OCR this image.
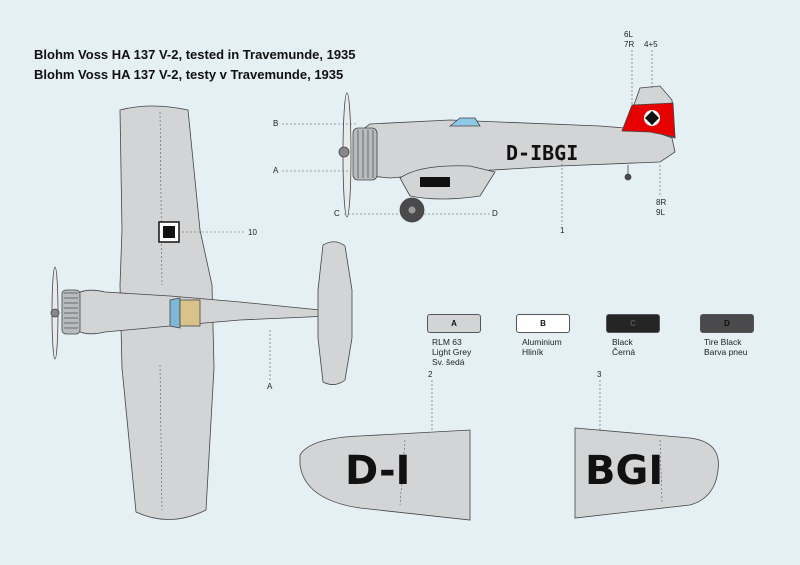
Blohm Voss HA 137 V-2, tested in Travemunde, 1935
Blohm Voss HA 137 V-2, testy v Travemunde, 1935
D-IBGI
D-I	BGI
6L
7R 4+5
8R
9L
B
A
C	D
1
10
A
2	3
A
RLM 63
Light Grey
Sv. šedá
B
Aluminium
Hliník
C
Black
Černá
D
Tire Black
Barva pneu
